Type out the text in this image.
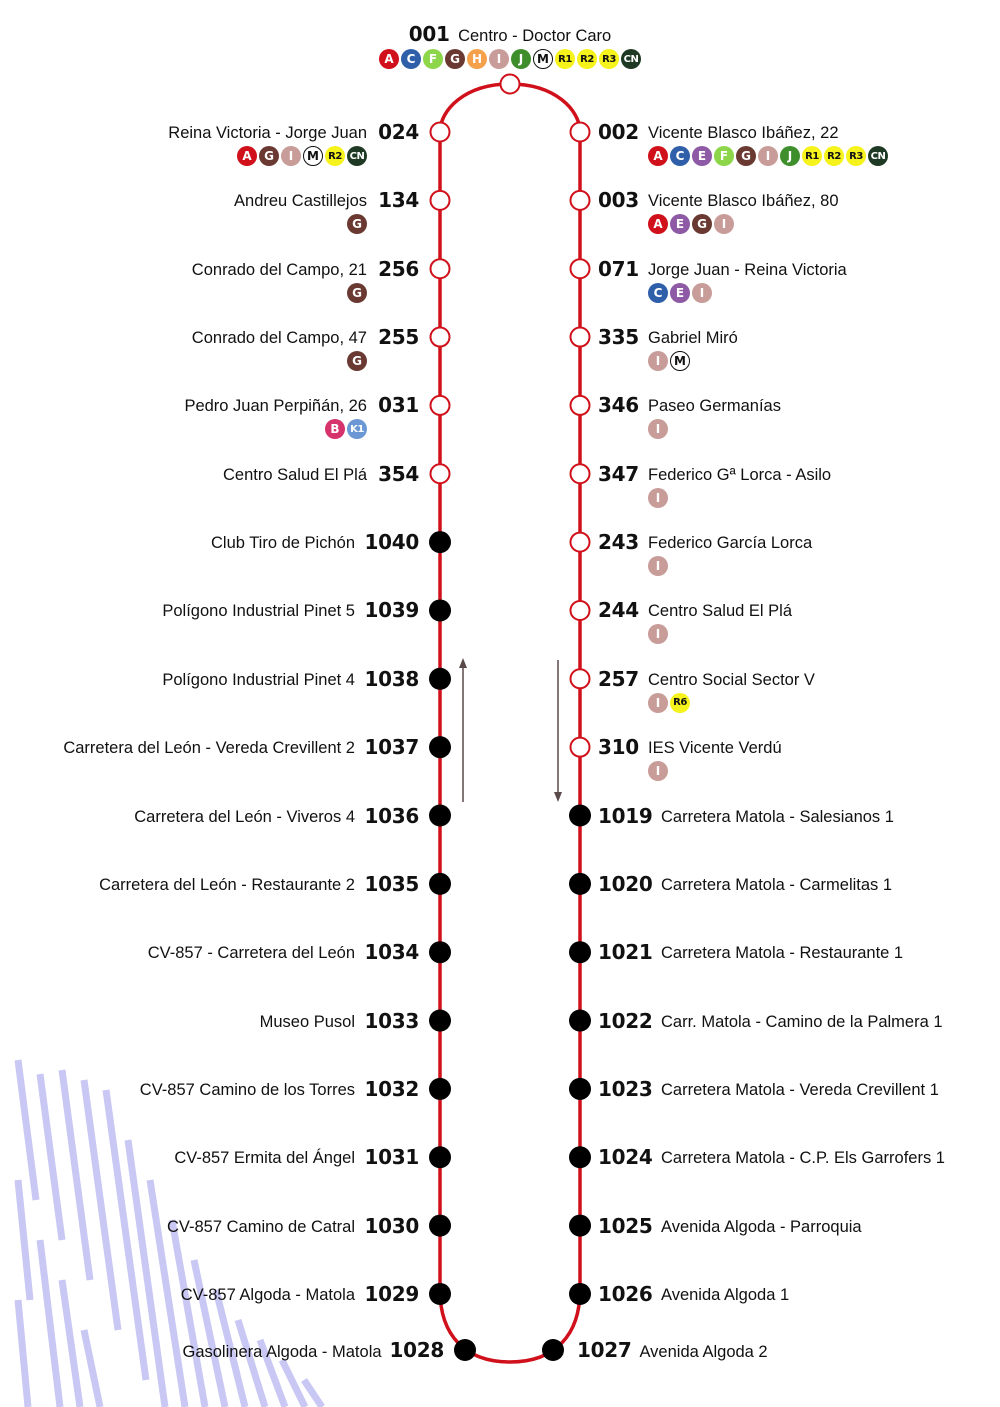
001 Centro - Doctor Caro
A	C	F	G	H	I	J	M R1 R2 R3 CN
024
Reina Victoria - Jorge Juan
A	G	I	M R2 CN
134
Andreu Castillejos
G
256
Conrado del Campo, 21
G
255
Conrado del Campo, 47
G
031
Pedro Juan Perpiñán, 26
B	K1
354
Centro Salud El Plá
1040
Club Tiro de Pichón
1039
Polígono Industrial Pinet 5
1038
Polígono Industrial Pinet 4
1037
Carretera del León - Vereda Crevillent 2
1036
Carretera del León - Viveros 4
1035
Carretera del León - Restaurante 2
1034
CV-857 - Carretera del León
1033
Museo Pusol
1032
CV-857 Camino de los Torres
1031
CV-857 Ermita del Ángel
1030
CV-857 Camino de Catral
1029
CV-857 Algoda - Matola
002 Vicente Blasco Ibáñez, 22
A	C	E	F	G	I	J	R1 R2 R3 CN
003 Vicente Blasco Ibáñez, 80
A	E	G	I
071 Jorge Juan - Reina Victoria
C	E	I
335 Gabriel Miró
I	M
346 Paseo Germanías
I
347 Federico Gª Lorca - Asilo
I
243 Federico García Lorca
I
244 Centro Salud El Plá
I
257 Centro Social Sector V
I	R6
310 IES Vicente Verdú
I
1019 Carretera Matola - Salesianos 1
1020 Carretera Matola - Carmelitas 1
1021 Carretera Matola - Restaurante 1
1022 Carr. Matola - Camino de la Palmera 1
1023 Carretera Matola - Vereda Crevillent 1
1024 Carretera Matola - C.P. Els Garrofers 1
1025 Avenida Algoda - Parroquia
1026 Avenida Algoda 1
Gasolinera Algoda - Matola 1028	1027 Avenida Algoda 2
